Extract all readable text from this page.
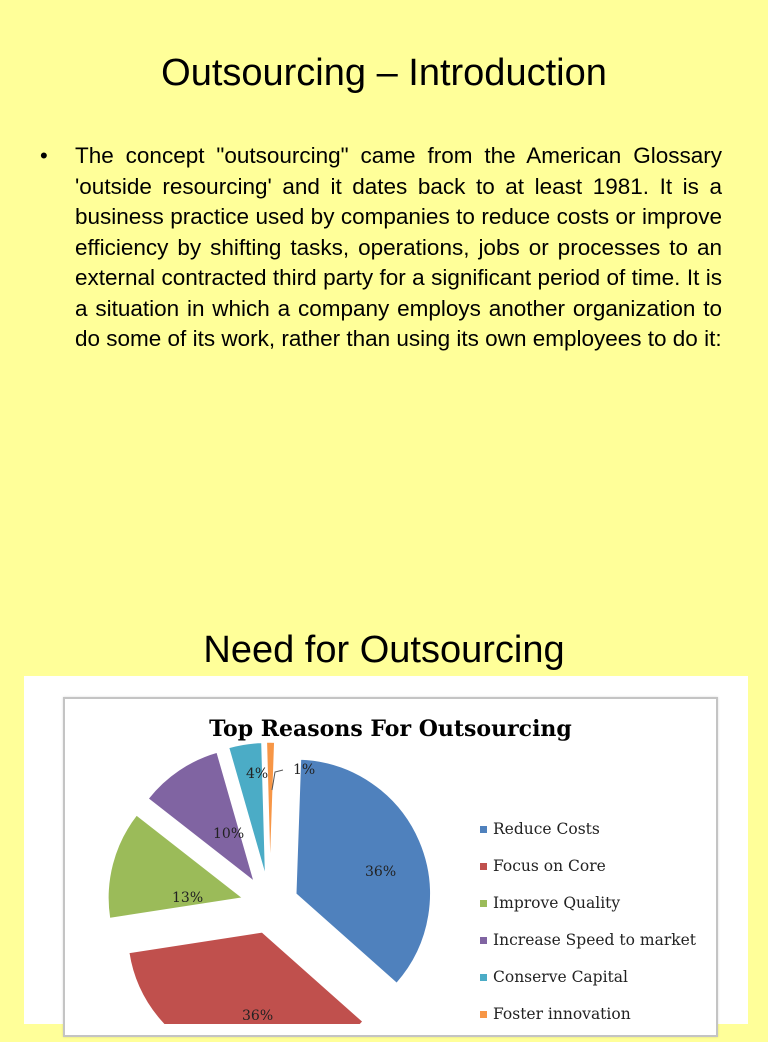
Outsourcing – Introduction
• The concept "outsourcing" came from the American Glossary 'outside resourcing' and it dates back to at least 1981. It is a business practice used by companies to reduce costs or improve efficiency by shifting tasks, operations, jobs or processes to an external contracted third party for a significant period of time. It is a situation in which a company employs another organization to do some of its work, rather than using its own employees to do it:
Need for Outsourcing
Top Reasons For Outsourcing
36%
36%
13%
10%
4% 1%
Reduce Costs
Focus on Core
Improve Quality
Increase Speed to market
Conserve Capital
Foster innovation
